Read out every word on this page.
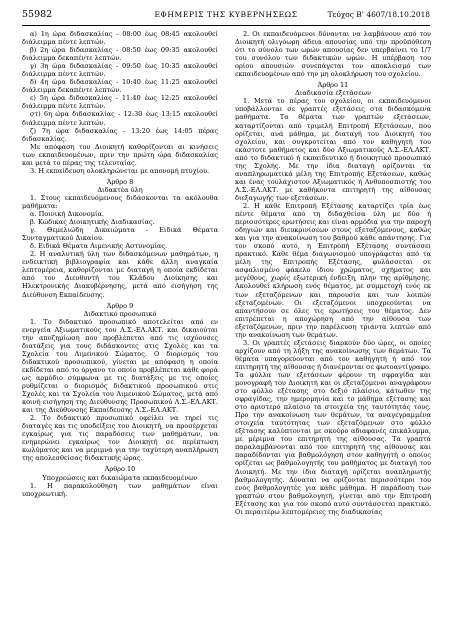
55982	ΕΦΗΜΕΡΙΣ ΤΗΣ ΚΥΒΕΡΝΗΣΕΩΣ	Τεύχος Β’ 4607/18.10.2018

α) 1η ώρα διδασκαλίας - 08:00 έως 08:45 ακολουθεί διάλειμμα πέντε λεπτών.

β) 2η ώρα διδασκαλίας - 08:50 έως 09:35 ακολουθεί διάλειμμα δεκαπέντε λεπτών.

γ) 3η ώρα διδασκαλίας - 09:50 έως 10:35 ακολουθεί διάλειμμα πέντε λεπτών.

δ) 4η ώρα διδασκαλίας - 10:40 έως 11:25 ακολουθεί διάλειμμα δεκαπέντε λεπτών.

ε) 5η ώρα διδασκαλίας - 11:40 έως 12:25 ακολουθεί διάλειμμα πέντε λεπτών.

στ) 6η ώρα διδασκαλίας - 12:30 έως 13:15 ακολουθεί διάλειμμα πέντε λεπτών.

ζ) 7η ώρα διδασκαλίας - 13:20 έως 14:05 πέρας διδασκαλίας.

Με απόφαση του Διοικητή καθορίζονται αι κινήσεις των εκπαιδευομένων, πριν την πρώτη ώρα διδασκαλίας και μετά το πέρας της τελευταίας.

3. Η εκπαίδευση ολοκληρώνεται με απονομή πτυχίου.

Άρθρο 8

Διδακτέα ύλη

1. Στους εκπαιδευόμενους διδάσκονται τα ακόλουθα μαθήματα:

α. Ποινική Δικονομία.

β. Κώδικας Διοικητικής Διαδικασίας.

γ. Θεμελιώδη Δικαιώματα - Ειδικά Θέματα Συνταγματικού Δικαίου.

δ. Ειδικά Θέματα Λιμενικής Αστυνομίας.

2. Η αναλυτική ύλη των διδασκόμενων μαθημάτων, η ενδεικτική βιβλιογραφία και κάθε άλλη αναγκαία λεπτομέρεια, καθορίζονται με διαταγή η οποία εκδίδεται από τον Διευθυντή του Κλάδου Διοίκησης και Ηλεκτρονικής Διακυβέρνησης, μετά από εισήγηση της Διεύθυνση Εκπαίδευσης.

Άρθρο 9

Διδακτικό προσωπικό

1. Το διδακτικό προσωπικό αποτελείται από εν ενεργεία Αξιωματικούς του Λ.Σ.-ΕΛ.ΑΚΤ. και δικαιούται την αποζημίωση που προβλέπεται από τις ισχύουσες διατάξεις για τους διδάσκοντες στις Σχολές και τα Σχολεία του Λιμενικού Σώματος. Ο διορισμός του διδακτικού προσωπικού, γίνεται με απόφαση η οποία εκδίδεται από το όργανο το οποίο προβλέπεται κάθε φορά ως αρμόδιο σύμφωνα με τις διατάξεις με τις οποίες ρυθμίζεται ο διορισμός διδακτικού προσωπικού στις Σχολές και τα Σχολεία του Λιμενικού Σώματος, μετά από κοινή εισήγηση της Διεύθυνσης Προσωπικού Λ.Σ.-ΕΛ.ΑΚΤ. και της Διεύθυνσης Εκπαίδευσης Λ.Σ.-ΕΛ.ΑΚΤ.

2. Το διδακτικό προσωπικό οφείλει να τηρεί τις διαταγές και τις υποδείξεις του Διοικητή, να προσέρχεται εγκαίρως για τις παραδόσεις των μαθημάτων, να ενημερώνει εγκαίρως τον Διοικητή σε περίπτωση κωλύματος και να μεριμνά για την ταχύτερη αναπλήρωση της απολεσθείσας διδακτικής ώρας.

Άρθρο 10

Υποχρεώσεις και δικαιώματα εκπαιδευομένων

1. Η παρακολούθηση των μαθημάτων είναι υποχρεωτική.

2. Οι εκπαιδευόμενοι δύνανται να λαμβάνουν από τον Διοικητή ολιγόωρη άδεια απουσίας υπό την προϋπόθεση ότι το σύνολο των ωρών απουσίας δεν υπερβαίνει το 1/7 του συνόλου των διδακτικών ωρών. Η υπέρβαση του ορίου απουσιών συνεπάγεται τον αποκλεισμό των εκπαιδευομένων από την μη ολοκλήρωση του σχολείου.

Άρθρο 11

Διαδικασία εξετάσεων

1. Μετά το πέρας του σχολείου, οι εκπαιδευόμενοι υποβάλλονται σε γραπτές εξετάσεις στα διδασκόμενα μαθήματα. Τα θέματα των γραπτών εξετάσεων, καταρτίζονται από τριμελή Επιτροπή Εξετάσεων, που ορίζεται, ανά μάθημα, με διαταγή του Διοικητή του σχολείου, και συγκροτείται από τον καθηγητή του εκάστοτε μαθήματος και δύο Αξιωματικούς Λ.Σ.-ΕΛ.ΑΚΤ. από το διδακτικό ή εκπαιδευτικό ή διοικητικό προσωπικό της Σχολής. Με την ίδια διαταγή ορίζονται τα αναπληρωματικά μέλη της Επιτροπής Εξετάσεων, καθώς και ένας τουλάχιστον Αξιωματικός ή Ανθυποσπιστής του Λ.Σ.-ΕΛ.ΑΚΤ. με καθήκοντα επιτηρητή της αίθουσας διεξαγωγής των εξετάσεων.

2. Η κάθε Επιτροπή Εξέτασης καταρτίζει τρία έως πέντε θέματα από τη διδαχθείσα ύλη με δύο ή περισσότερες ερωτήσεις και είναι αρμόδια για την παροχή οδηγιών και διευκρινίσεων στους εξεταζόμενους, καθώς και για την ανακοίνωση του βαθμού κάθε απάντησης. Για τον σκοπό αυτό, η Επιτροπή Εξέτασης συντάσσει πρακτικό. Κάθε θέμα διαγωνισμού υπογράφεται από τα μέλη της Επιτροπής Εξέτασης, φυλάσσεται σε ασφαλισμένο φάκελο ίδιου χρώματος, σχήματος και μεγέθους, χωρίς εξωτερική ένδειξη, πλην της αρίθμησης. Ακολουθεί κλήρωση ενός θέματος, με συμμετοχή ενός εκ των εξεταζόμενων και παρουσία και των λοιπών εξεταζομένων. Οι εξεταζόμενοι υποχρεούνται να απαντήσουν σε όλες τις ερωτήσεις του θέματος. Δεν επιτρέπεται η αποχώρηση από την αίθουσα των εξεταζόμενων, πριν την παρέλευση τριάντα λεπτών από την ανακοίνωση των θεμάτων.

3. Οι γραπτές εξετάσεις διαρκούν δύο ώρες, οι οποίες αρχίζουν από τη λήξη της ανακοίνωσης των θεμάτων. Τα θέματα υπαγορεύονται από τον καθηγητή ή από τον επιτηρητή της αίθουσας ή διανέμονται σε φωτοαντίγραφο. Τα φύλλα των εξετάσεων φέρουν τη σφραγίδα και μονογραφή του Διοικητή και οι εξεταζόμενοι αναγράφουν στο φύλλο εξέτασης στο δεξιό πλαίσιο, κάτωθεν της σφραγίδας, την ημερομηνία και το μάθημα εξέτασης και στο αριστερό πλαίσιο τα στοιχεία της ταυτότητάς τους. Προ την ανακοίνωση των θεμάτων, τα αναγεγραμμένα στοιχεία ταυτότητας των εξεταζόμενων στο φύλλο εξέτασης καλύπτονται με σκούρο αδιαφανές επικάλυμμα, με μέριμνα του επιτηρητή της αίθουσας. Τα γραπτά παραλαμβάνονται από τον επιτηρητή της αίθουσας και παραδίδονται για βαθμολόγηση στον καθηγητή ο οποίος ορίζεται ως βαθμολογητής του μαθήματος με διαταγή του Διοικητή. Με την ίδια διαταγή ορίζεται αναπληρωτής βαθμολογητής. Δύναται να ορίζονται περισσότεροι του ενός βαθμολογητές για κάθε μάθημα. Η παράδοση των γραπτών στον βαθμολογητή, γίνεται από την Επιτροπή Εξέτασης και για τον σκοπό αυτό συντάσσεται πρακτικό. Οι περαιτέρω λεπτομέρειες της διαδικασίας
